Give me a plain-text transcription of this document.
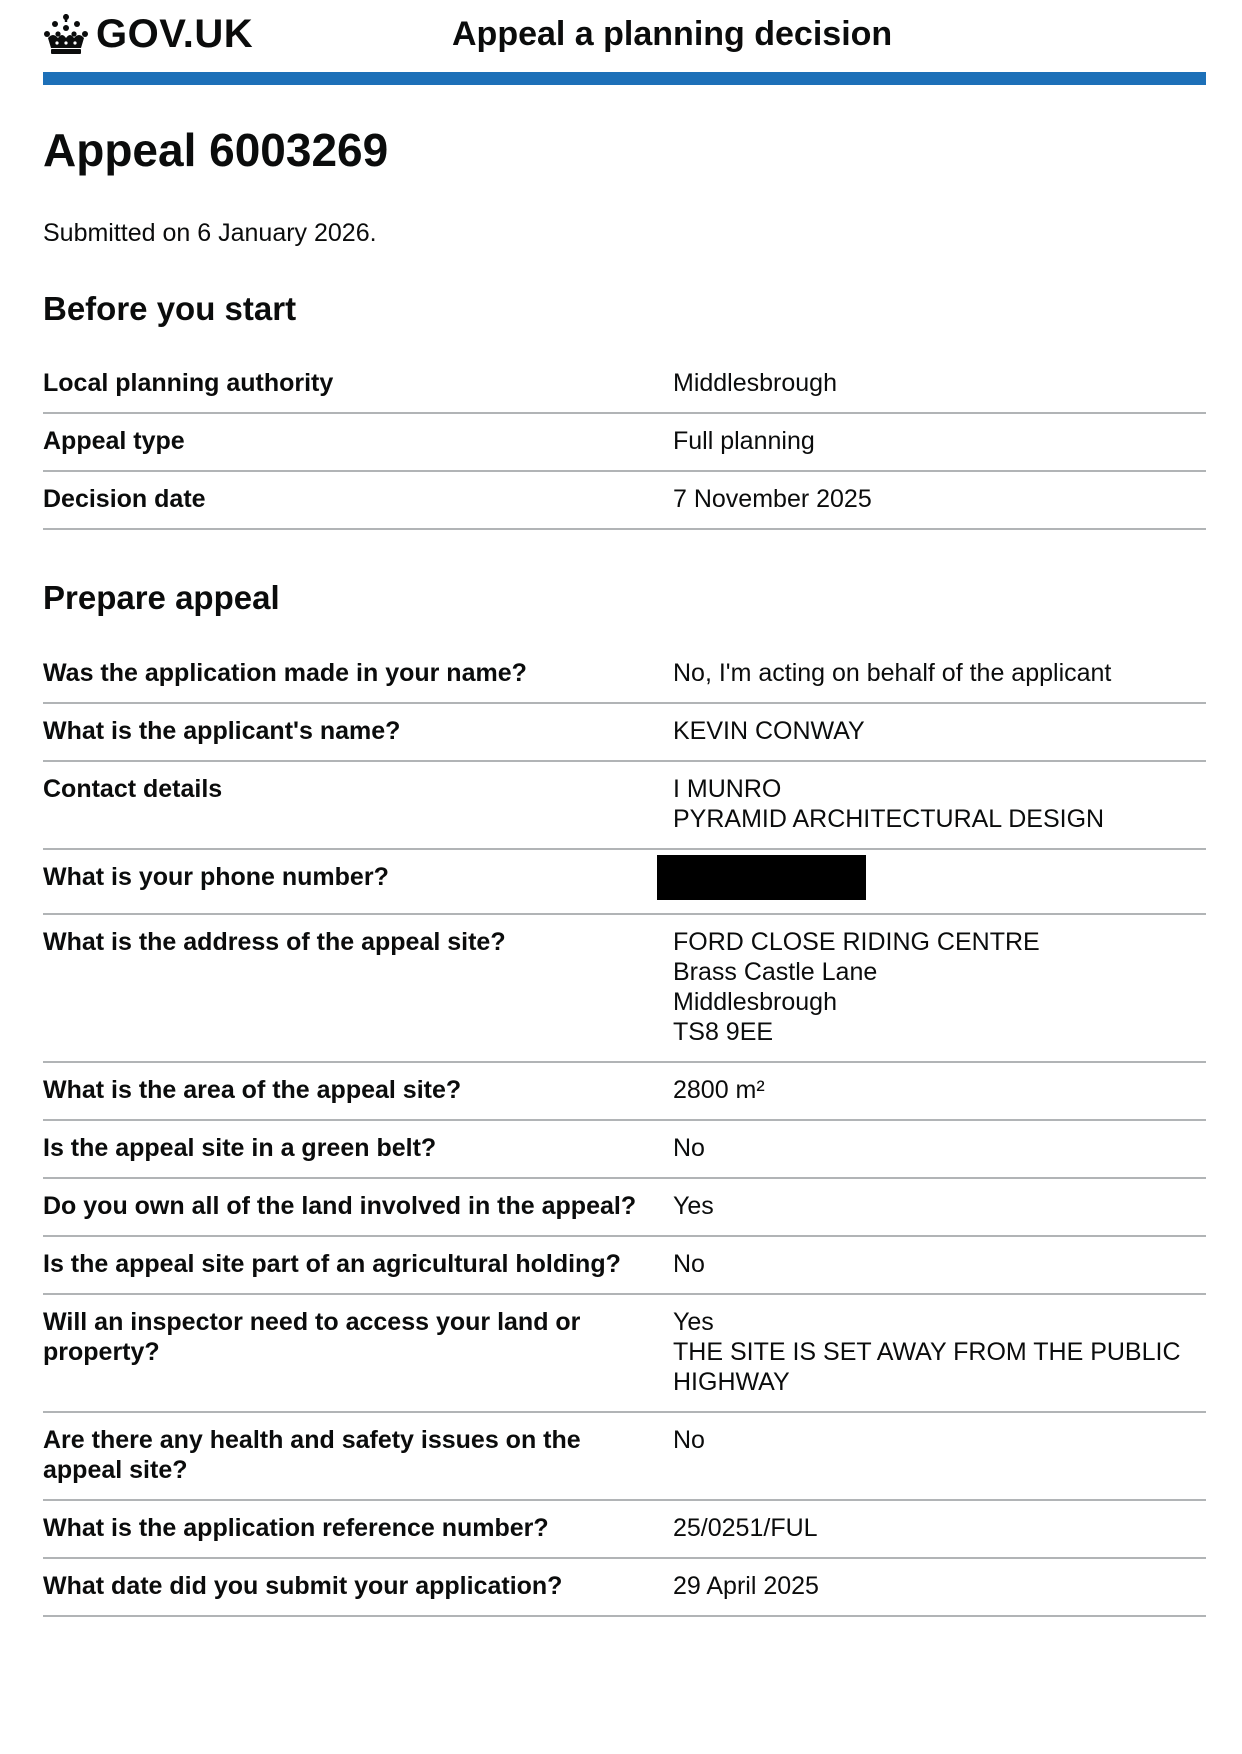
GOV.UK	Appeal a planning decision
Appeal 6003269

Submitted on 6 January 2026.

Before you start
Local planning authority	Middlesbrough
Appeal type	Full planning
Decision date	7 November 2025
Prepare appeal
Was the application made in your name?	No, I'm acting on behalf of the applicant
What is the applicant's name?	KEVIN CONWAY
Contact details	I MUNRO
PYRAMID ARCHITECTURAL DESIGN

What is your phone number?	
What is the address of the appeal site?	FORD CLOSE RIDING CENTRE
Brass Castle Lane
Middlesbrough
TS8 9EE

What is the area of the appeal site?	2800 m²
Is the appeal site in a green belt?	No
Do you own all of the land involved in the appeal?	Yes
Is the appeal site part of an agricultural holding?	No
Will an inspector need to access your land or property?	Yes
THE SITE IS SET AWAY FROM THE PUBLIC HIGHWAY

Are there any health and safety issues on the appeal site?	No
What is the application reference number?	25/0251/FUL
What date did you submit your application?	29 April 2025
